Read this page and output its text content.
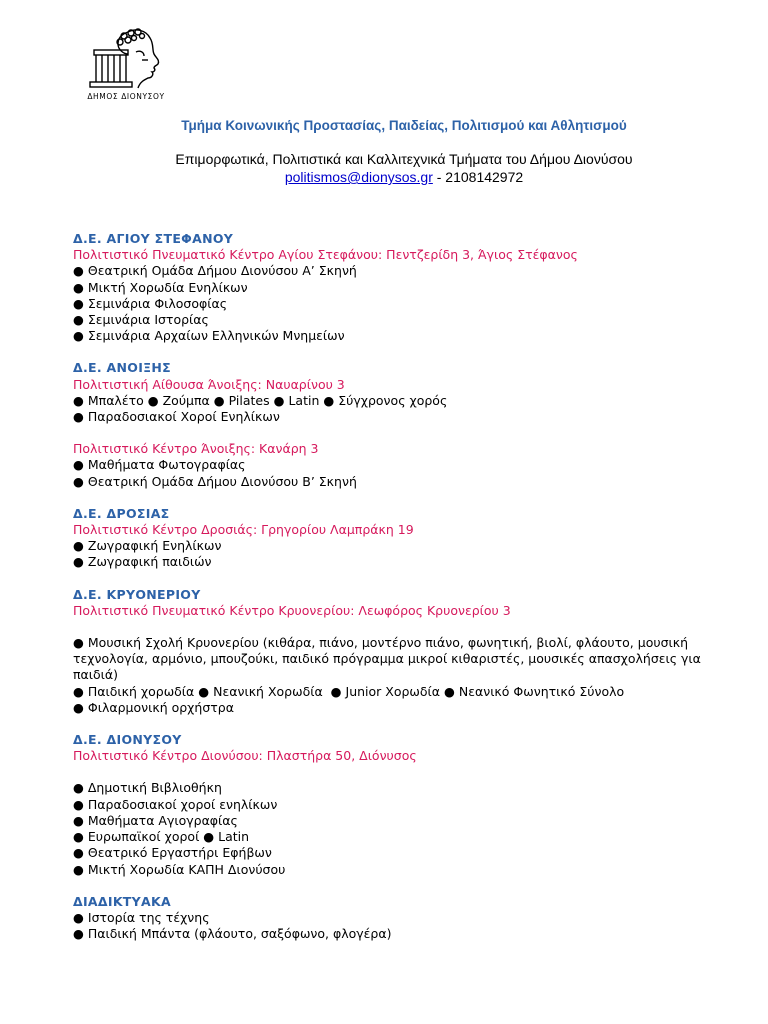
ΔΗΜΟΣ ΔΙΟΝΥΣΟΥ
Τμήμα Κοινωνικής Προστασίας, Παιδείας, Πολιτισμού και Αθλητισμού
Επιμορφωτικά, Πολιτιστικά και Καλλιτεχνικά Τμήματα του Δήμου Διονύσου
politismos@dionysos.gr - 2108142972
Δ.Ε. ΑΓΙΟΥ ΣΤΕΦΑΝΟΥ
Πολιτιστικό Πνευματικό Κέντρο Αγίου Στεφάνου: Πεντζερίδη 3, Άγιος Στέφανος
● Θεατρική Ομάδα Δήμου Διονύσου Α’ Σκηνή
● Μικτή Χορωδία Ενηλίκων
● Σεμινάρια Φιλοσοφίας
● Σεμινάρια Ιστορίας
● Σεμινάρια Αρχαίων Ελληνικών Μνημείων
Δ.Ε. ΑΝΟΙΞΗΣ
Πολιτιστική Αίθουσα Άνοιξης: Ναυαρίνου 3
● Μπαλέτο ● Ζούμπα ● Pilates ● Latin ● Σύγχρονος χορός
● Παραδοσιακοί Χοροί Ενηλίκων
Πολιτιστικό Κέντρο Άνοιξης: Κανάρη 3
● Μαθήματα Φωτογραφίας
● Θεατρική Ομάδα Δήμου Διονύσου Β’ Σκηνή
Δ.Ε. ΔΡΟΣΙΑΣ
Πολιτιστικό Κέντρο Δροσιάς: Γρηγορίου Λαμπράκη 19
● Ζωγραφική Ενηλίκων
● Ζωγραφική παιδιών
Δ.Ε. ΚΡΥΟΝΕΡΙΟΥ
Πολιτιστικό Πνευματικό Κέντρο Κρυονερίου: Λεωφόρος Κρυονερίου 3
● Μουσική Σχολή Κρυονερίου (κιθάρα, πιάνο, μοντέρνο πιάνο, φωνητική, βιολί, φλάουτο, μουσική τεχνολογία, αρμόνιο, μπουζούκι, παιδικό πρόγραμμα μικροί κιθαριστές, μουσικές απασχολήσεις για παιδιά)
● Παιδική χορωδία ● Νεανική Χορωδία  ● Junior Χορωδία ● Νεανικό Φωνητικό Σύνολο
● Φιλαρμονική ορχήστρα
Δ.Ε. ΔΙΟΝΥΣΟΥ
Πολιτιστικό Κέντρο Διονύσου: Πλαστήρα 50, Διόνυσος
● Δημοτική Βιβλιοθήκη
● Παραδοσιακοί χοροί ενηλίκων
● Μαθήματα Αγιογραφίας
● Ευρωπαϊκοί χοροί ● Latin
● Θεατρικό Εργαστήρι Εφήβων
● Μικτή Χορωδία ΚΑΠΗ Διονύσου
ΔΙΑΔΙΚΤΥΑΚΑ
● Ιστορία της τέχνης
● Παιδική Μπάντα (φλάουτο, σαξόφωνο, φλογέρα)
